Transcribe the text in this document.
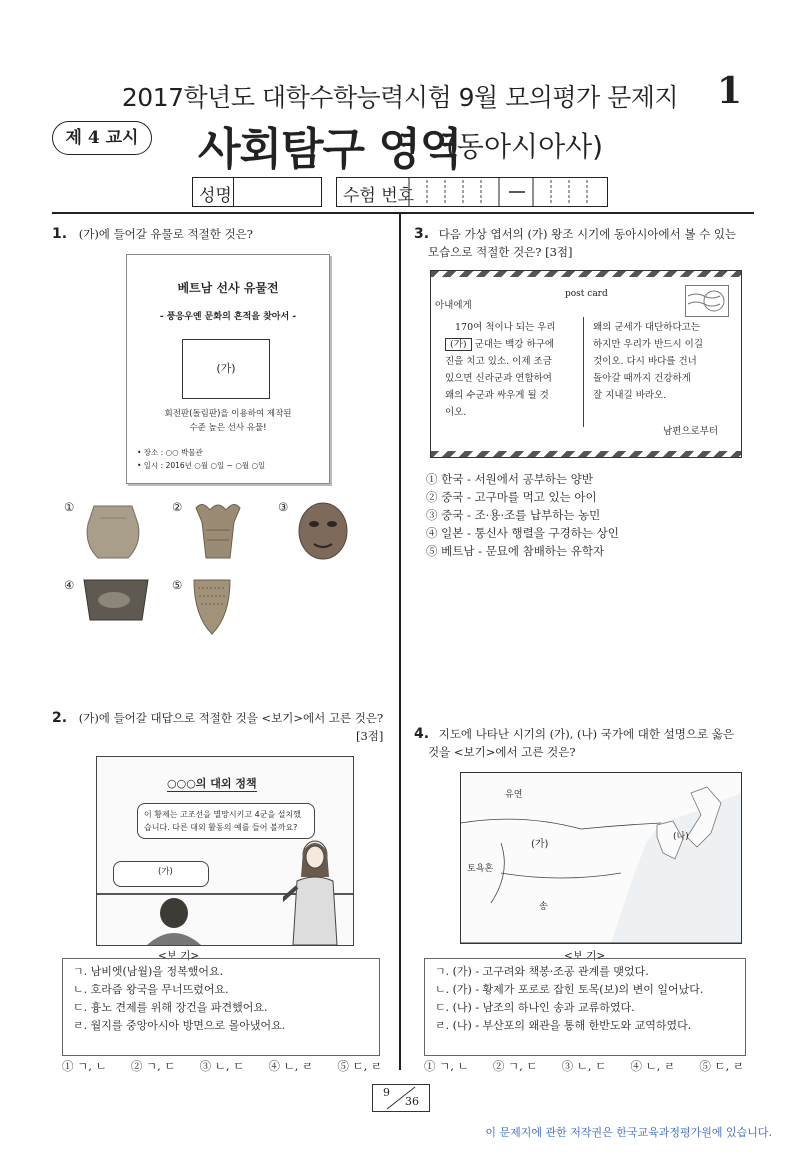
2017학년도 대학수학능력시험 9월 모의평가 문제지	1
제 4 교시	사회탐구 영역
(동아시아사)
성명	수험 번호
1. (가)에 들어갈 유물로 적절한 것은?
베트남 선사 유물전
- 풍응우옌 문화의 흔적을 찾아서 -
(가)
회전판(돌림판)을 이용하여 제작된
수준 높은 선사 유물!
• 장소 : ○○ 박물관
• 일시 : 2016년 ○월 ○일 ~ ○월 ○일
①	②	③
④	⑤
2. (가)에 들어갈 대답으로 적절한 것을 <보기>에서 고른 것은?
[3점]
○○○의 대외 정책
이 황제는 고조선을 멸망시키고 4군을 설치했습니다. 다른 대외 활동의 예를 들어 볼까요?
(가)
<보 기>
ㄱ. 남비엣(남월)을 정복했어요.
ㄴ. 호라즘 왕국을 무너뜨렸어요.
ㄷ. 흉노 견제를 위해 장건을 파견했어요.
ㄹ. 월지를 중앙아시아 방면으로 몰아냈어요.
① ㄱ, ㄴ ② ㄱ, ㄷ ③ ㄴ, ㄷ ④ ㄴ, ㄹ ⑤ ㄷ, ㄹ
3. 다음 가상 엽서의 (가) 왕조 시기에 동아시아에서 볼 수 있는
모습으로 적절한 것은? [3점]
post card
아내에게
170여 척이나 되는 우리
(가) 군대는 백강 하구에
진을 치고 있소. 이제 조금
있으면 신라군과 연합하여
왜의 수군과 싸우게 될 것
이오.
왜의 군세가 대단하다고는
하지만 우리가 반드시 이길
것이오. 다시 바다를 건너
돌아갈 때까지 건강하게
잘 지내길 바라오.
남편으로부터
① 한국 - 서원에서 공부하는 양반
② 중국 - 고구마를 먹고 있는 아이
③ 중국 - 조·용·조를 납부하는 농민
④ 일본 - 통신사 행렬을 구경하는 상인
⑤ 베트남 - 문묘에 참배하는 유학자
4. 지도에 나타난 시기의 (가), (나) 국가에 대한 설명으로 옳은
것을 <보기>에서 고른 것은?
유연
(가)
(나)
토욕혼
송
<보 기>
ㄱ. (가) - 고구려와 책봉·조공 관계를 맺었다.
ㄴ. (가) - 황제가 포로로 잡힌 토목(보)의 변이 일어났다.
ㄷ. (나) - 남조의 하나인 송과 교류하였다.
ㄹ. (나) - 부산포의 왜관을 통해 한반도와 교역하였다.
① ㄱ, ㄴ ② ㄱ, ㄷ ③ ㄴ, ㄷ ④ ㄴ, ㄹ ⑤ ㄷ, ㄹ
9
36
이 문제지에 관한 저작권은 한국교육과정평가원에 있습니다.
